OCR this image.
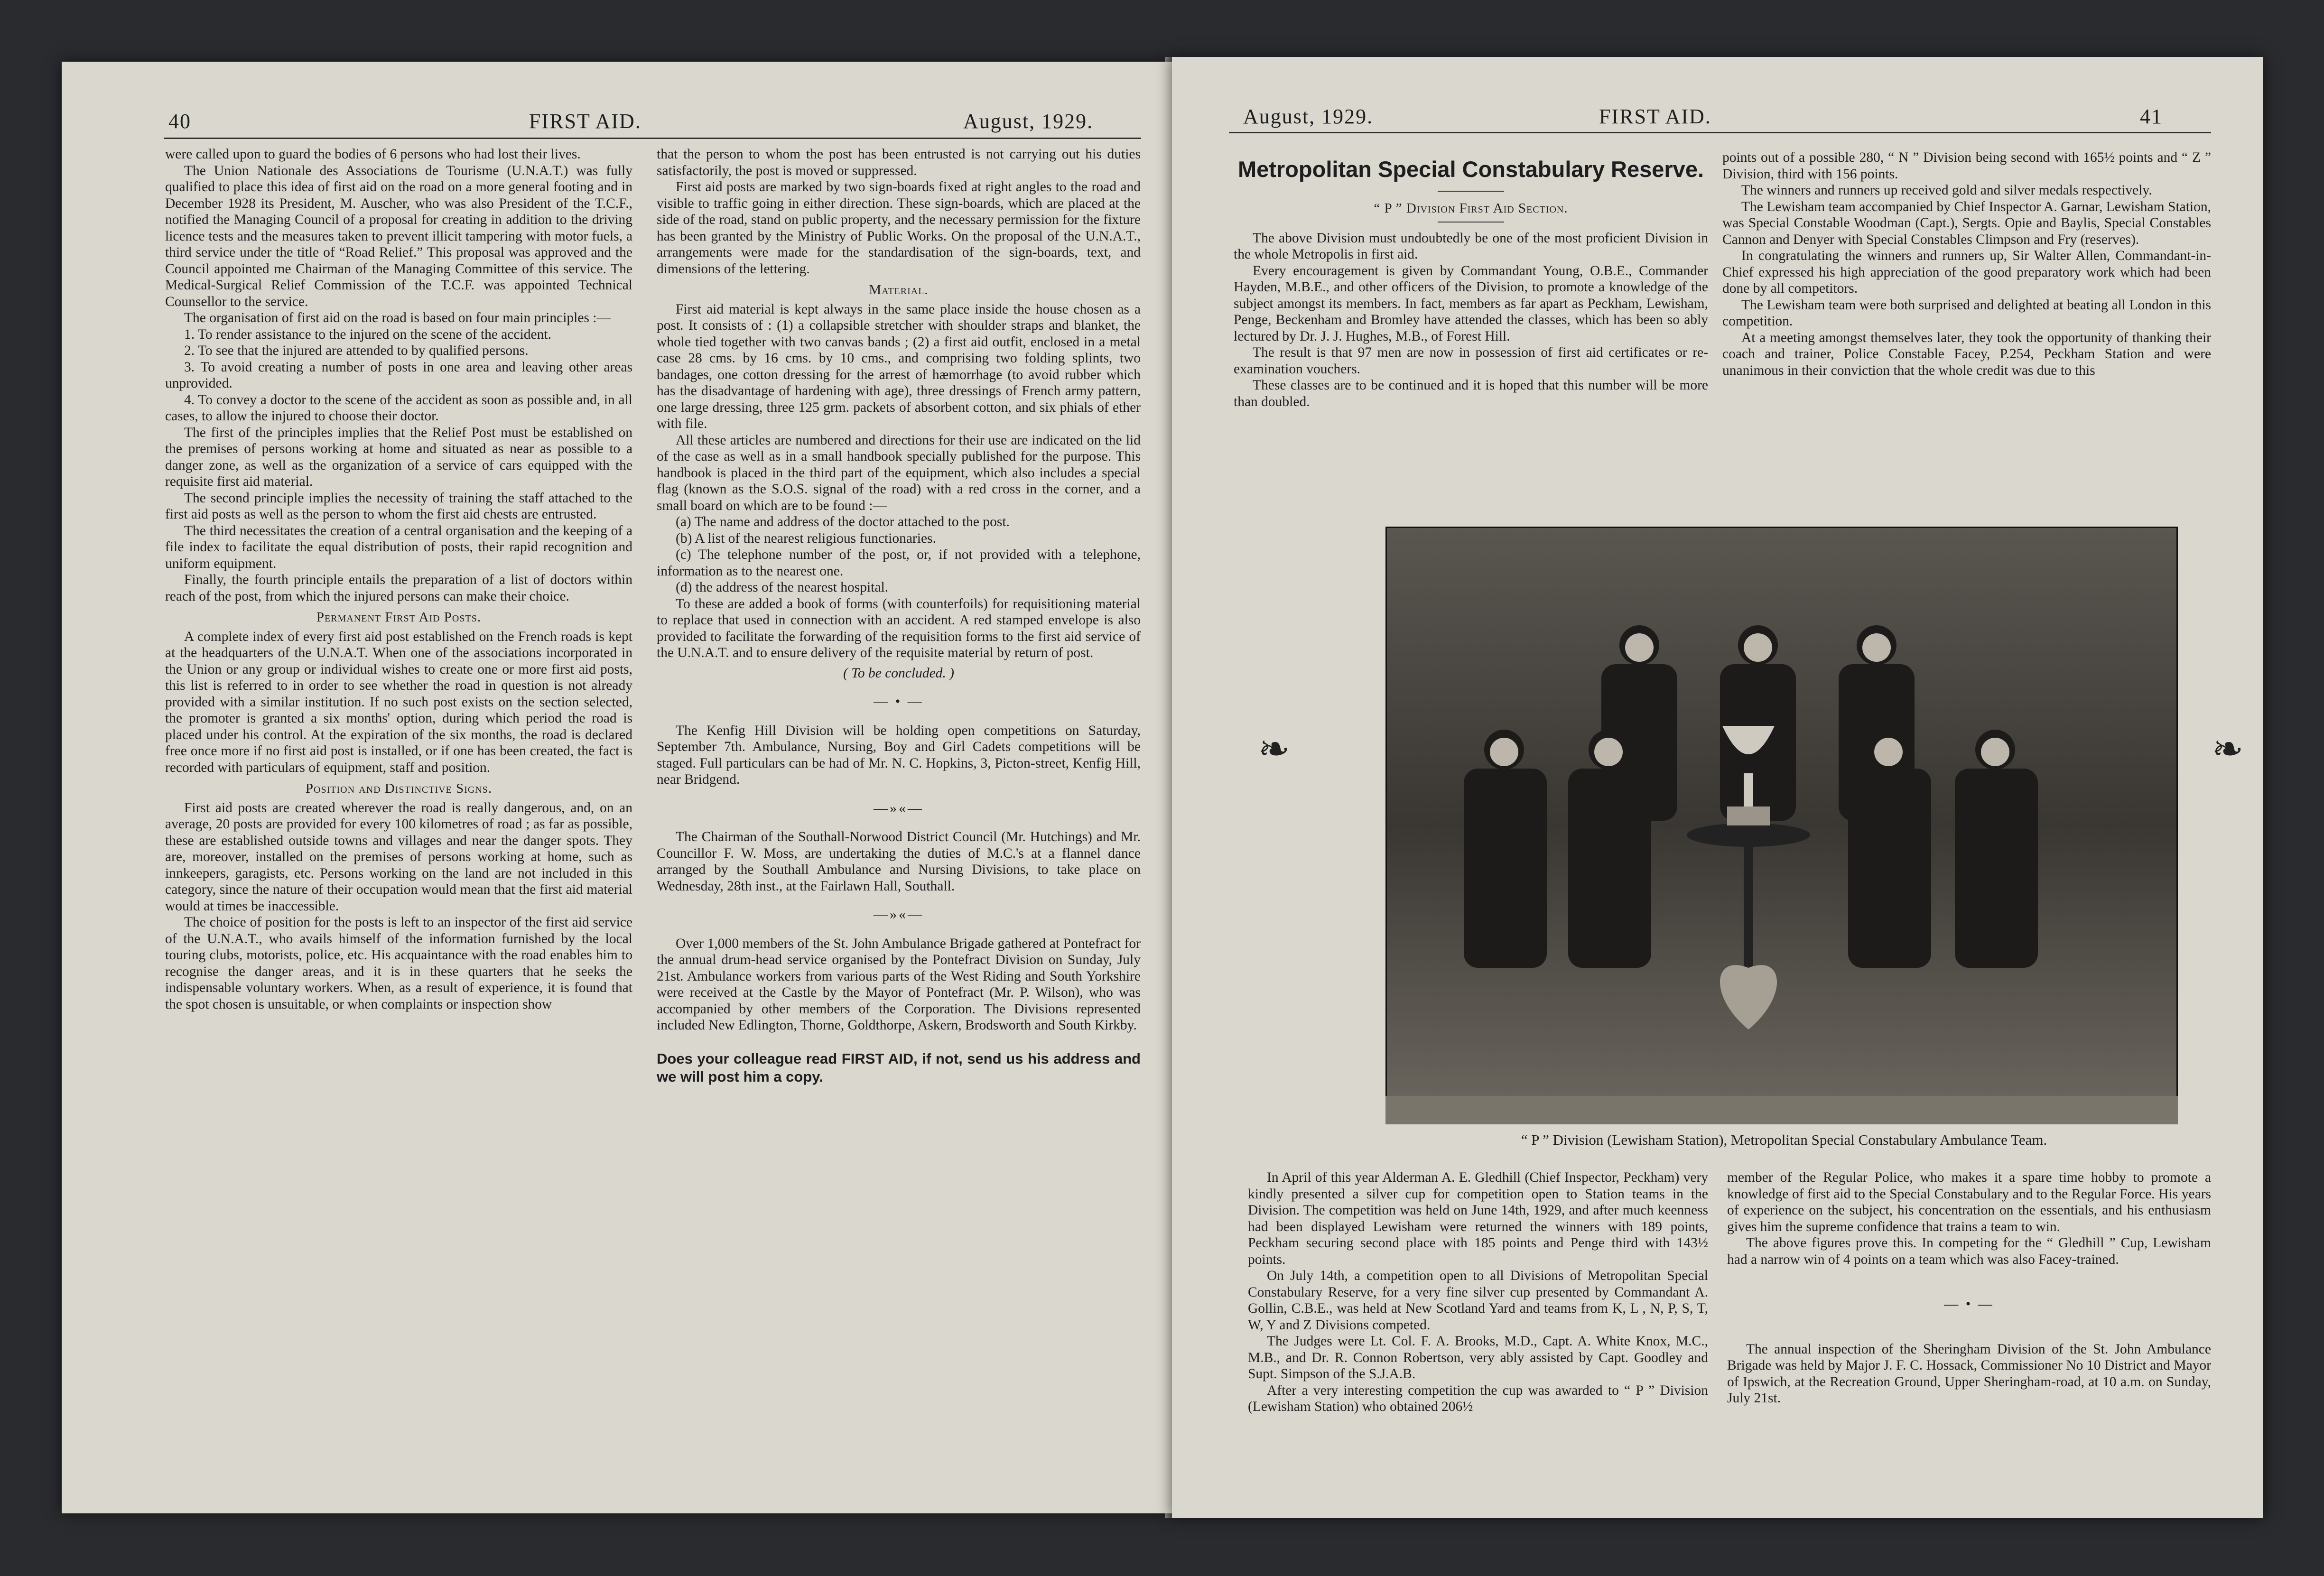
40	FIRST AID.	August, 1929.

were called upon to guard the bodies of 6 persons who had lost their lives.

The Union Nationale des Associations de Tourisme (U.N.A.T.) was fully qualified to place this idea of first aid on the road on a more general footing and in December 1928 its President, M. Auscher, who was also President of the T.C.F., notified the Managing Council of a proposal for creating in addition to the driving licence tests and the measures taken to prevent illicit tampering with motor fuels, a third service under the title of “Road Relief.” This proposal was approved and the Council appointed me Chairman of the Managing Committee of this service. The Medical-Surgical Relief Commission of the T.C.F. was appointed Technical Counsellor to the service.

The organisation of first aid on the road is based on four main principles :—

1. To render assistance to the injured on the scene of the accident.

2. To see that the injured are attended to by qualified persons.

3. To avoid creating a number of posts in one area and leaving other areas unprovided.

4. To convey a doctor to the scene of the accident as soon as possible and, in all cases, to allow the injured to choose their doctor.

The first of the principles implies that the Relief Post must be established on the premises of persons working at home and situated as near as possible to a danger zone, as well as the organization of a service of cars equipped with the requisite first aid material.

The second principle implies the necessity of training the staff attached to the first aid posts as well as the person to whom the first aid chests are entrusted.

The third necessitates the creation of a central organisation and the keeping of a file index to facilitate the equal distribution of posts, their rapid recognition and uniform equipment.

Finally, the fourth principle entails the preparation of a list of doctors within reach of the post, from which the injured persons can make their choice.

Permanent First Aid Posts.

A complete index of every first aid post established on the French roads is kept at the headquarters of the U.N.A.T. When one of the associations incorporated in the Union or any group or individual wishes to create one or more first aid posts, this list is referred to in order to see whether the road in question is not already provided with a similar institution. If no such post exists on the section selected, the promoter is granted a six months' option, during which period the road is placed under his control. At the expiration of the six months, the road is declared free once more if no first aid post is installed, or if one has been created, the fact is recorded with particulars of equipment, staff and position.

Position and Distinctive Signs.

First aid posts are created wherever the road is really dangerous, and, on an average, 20 posts are provided for every 100 kilometres of road ; as far as possible, these are established outside towns and villages and near the danger spots. They are, moreover, installed on the premises of persons working at home, such as innkeepers, garagists, etc. Persons working on the land are not included in this category, since the nature of their occupation would mean that the first aid material would at times be inaccessible.

The choice of position for the posts is left to an inspector of the first aid service of the U.N.A.T., who avails himself of the information furnished by the local touring clubs, motorists, police, etc. His acquaintance with the road enables him to recognise the danger areas, and it is in these quarters that he seeks the indispensable voluntary workers. When, as a result of experience, it is found that the spot chosen is unsuitable, or when complaints or inspection show

that the person to whom the post has been entrusted is not carrying out his duties satisfactorily, the post is moved or suppressed.

First aid posts are marked by two sign-boards fixed at right angles to the road and visible to traffic going in either direction. These sign-boards, which are placed at the side of the road, stand on public property, and the necessary permission for the fixture has been granted by the Ministry of Public Works. On the proposal of the U.N.A.T., arrangements were made for the standardisation of the sign-boards, text, and dimensions of the lettering.

Material.

First aid material is kept always in the same place inside the house chosen as a post. It consists of : (1) a collapsible stretcher with shoulder straps and blanket, the whole tied together with two canvas bands ; (2) a first aid outfit, enclosed in a metal case 28 cms. by 16 cms. by 10 cms., and comprising two folding splints, two bandages, one cotton dressing for the arrest of hæmorrhage (to avoid rubber which has the disadvantage of hardening with age), three dressings of French army pattern, one large dressing, three 125 grm. packets of absorbent cotton, and six phials of ether with file.

All these articles are numbered and directions for their use are indicated on the lid of the case as well as in a small handbook specially published for the purpose. This handbook is placed in the third part of the equipment, which also includes a special flag (known as the S.O.S. signal of the road) with a red cross in the corner, and a small board on which are to be found :—

(a) The name and address of the doctor attached to the post.

(b) A list of the nearest religious functionaries.

(c) The telephone number of the post, or, if not provided with a telephone, information as to the nearest one.

(d) the address of the nearest hospital.

To these are added a book of forms (with counterfoils) for requisitioning material to replace that used in connection with an accident. A red stamped envelope is also provided to facilitate the forwarding of the requisition forms to the first aid service of the U.N.A.T. and to ensure delivery of the requisite material by return of post.

( To be concluded. )
— • —

The Kenfig Hill Division will be holding open competitions on Saturday, September 7th. Ambulance, Nursing, Boy and Girl Cadets competitions will be staged. Full particulars can be had of Mr. N. C. Hopkins, 3, Picton-street, Kenfig Hill, near Bridgend.

—»«—

The Chairman of the Southall-Norwood District Council (Mr. Hutchings) and Mr. Councillor F. W. Moss, are undertaking the duties of M.C.'s at a flannel dance arranged by the Southall Ambulance and Nursing Divisions, to take place on Wednesday, 28th inst., at the Fairlawn Hall, Southall.

—»«—

Over 1,000 members of the St. John Ambulance Brigade gathered at Pontefract for the annual drum-head service organised by the Pontefract Division on Sunday, July 21st. Ambulance workers from various parts of the West Riding and South Yorkshire were received at the Castle by the Mayor of Pontefract (Mr. P. Wilson), who was accompanied by other members of the Corporation. The Divisions represented included New Edlington, Thorne, Goldthorpe, Askern, Brodsworth and South Kirkby.

Does your colleague read FIRST AID, if not, send us his address and we will post him a copy.
August, 1929.	FIRST AID.	41
Metropolitan Special Constabulary Reserve.
“ P ” Division First Aid Section.

The above Division must undoubtedly be one of the most proficient Division in the whole Metropolis in first aid.

Every encouragement is given by Commandant Young, O.B.E., Commander Hayden, M.B.E., and other officers of the Division, to promote a knowledge of the subject amongst its members. In fact, members as far apart as Peckham, Lewisham, Penge, Beckenham and Bromley have attended the classes, which has been so ably lectured by Dr. J. J. Hughes, M.B., of Forest Hill.

The result is that 97 men are now in possession of first aid certificates or re-examination vouchers.

These classes are to be continued and it is hoped that this number will be more than doubled.

points out of a possible 280, “ N ” Division being second with 165½ points and “ Z ” Division, third with 156 points.

The winners and runners up received gold and silver medals respectively.

The Lewisham team accompanied by Chief Inspector A. Garnar, Lewisham Station, was Special Constable Woodman (Capt.), Sergts. Opie and Baylis, Special Constables Cannon and Denyer with Special Constables Climpson and Fry (reserves).

In congratulating the winners and runners up, Sir Walter Allen, Commandant-in-Chief expressed his high appreciation of the good preparatory work which had been done by all competitors.

The Lewisham team were both surprised and delighted at beating all London in this competition.

At a meeting amongst themselves later, they took the opportunity of thanking their coach and trainer, Police Constable Facey, P.254, Peckham Station and were unanimous in their conviction that the whole credit was due to this

❧	❧
“ P ” Division (Lewisham Station), Metropolitan Special Constabulary Ambulance Team.

In April of this year Alderman A. E. Gledhill (Chief Inspector, Peckham) very kindly presented a silver cup for competition open to Station teams in the Division. The competition was held on June 14th, 1929, and after much keenness had been displayed Lewisham were returned the winners with 189 points, Peckham securing second place with 185 points and Penge third with 143½ points.

On July 14th, a competition open to all Divisions of Metropolitan Special Constabulary Reserve, for a very fine silver cup presented by Commandant A. Gollin, C.B.E., was held at New Scotland Yard and teams from K, L , N, P, S, T, W, Y and Z Divisions competed.

The Judges were Lt. Col. F. A. Brooks, M.D., Capt. A. White Knox, M.C., M.B., and Dr. R. Connon Robertson, very ably assisted by Capt. Goodley and Supt. Simpson of the S.J.A.B.

After a very interesting competition the cup was awarded to “ P ” Division (Lewisham Station) who obtained 206½

member of the Regular Police, who makes it a spare time hobby to promote a knowledge of first aid to the Special Constabulary and to the Regular Force. His years of experience on the subject, his concentration on the essentials, and his enthusiasm gives him the supreme confidence that trains a team to win.

The above figures prove this. In competing for the “ Gledhill ” Cup, Lewisham had a narrow win of 4 points on a team which was also Facey-trained.

— • —

The annual inspection of the Sheringham Division of the St. John Ambulance Brigade was held by Major J. F. C. Hossack, Commissioner No 10 District and Mayor of Ipswich, at the Recreation Ground, Upper Sheringham-road, at 10 a.m. on Sunday, July 21st.
